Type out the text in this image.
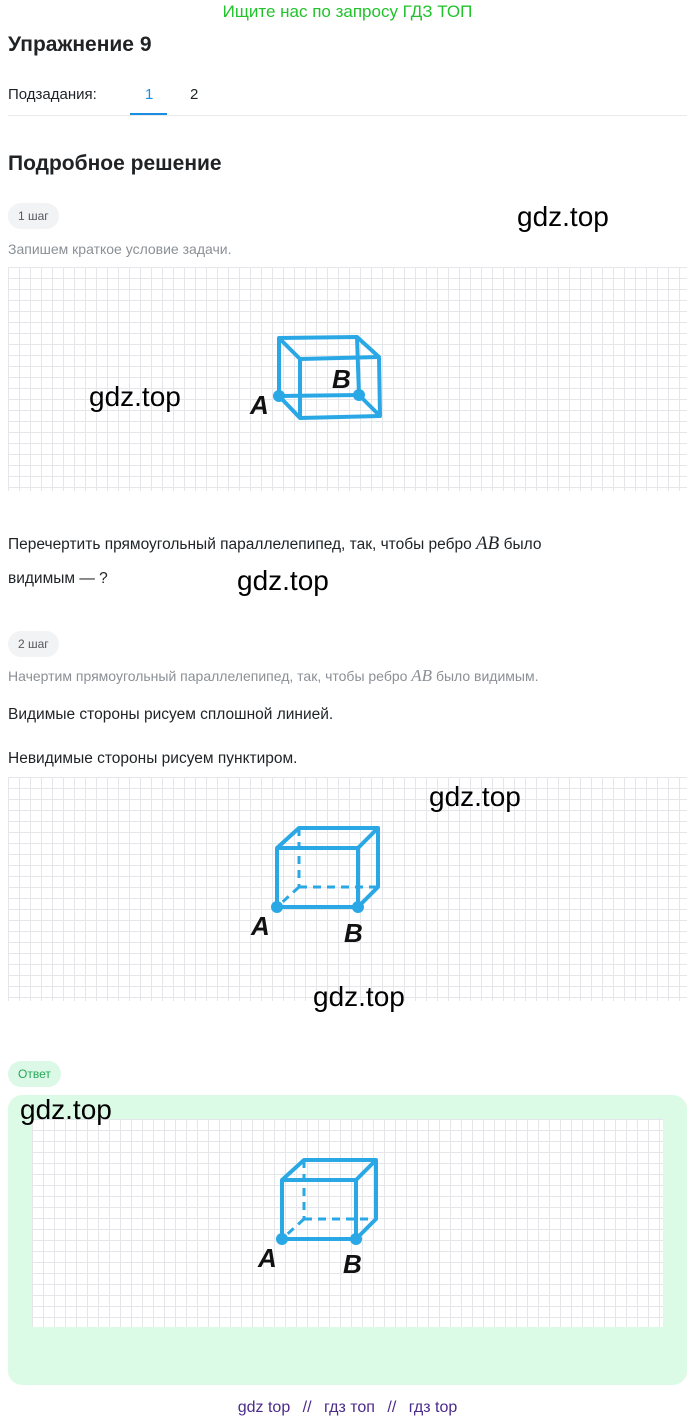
Ищите нас по запросу ГДЗ ТОП
Упражнение 9
Подзадания:	1 2
Подробное решение
1 шаг	gdz.top
Запишем краткое условие задачи.
A
B
gdz.top
Перечертить прямоугольный параллелепипед, так, чтобы ребро AB было
видимым — ?	gdz.top
2 шаг
Начертим прямоугольный параллелепипед, так, чтобы ребро AB было видимым.
Видимые стороны рисуем сплошной линией.
Невидимые стороны рисуем пунктиром.
A	B
gdz.top
gdz.top
Ответ
A	B
gdz.top
gdz top // гдз топ // гдз top
